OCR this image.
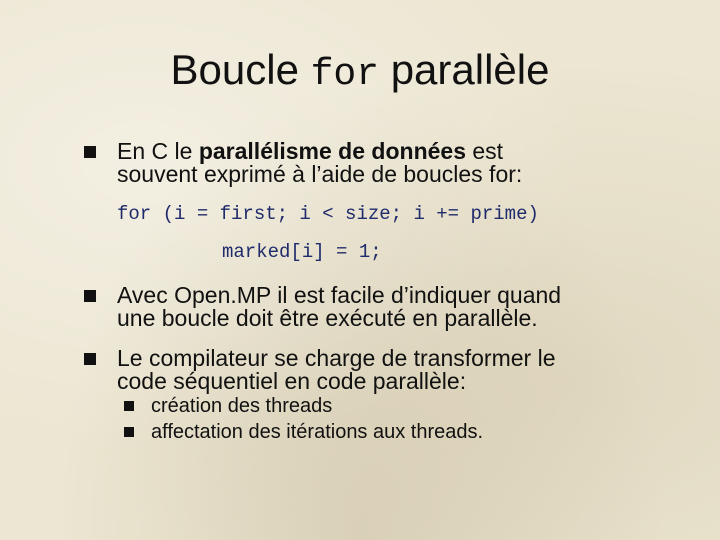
Boucle for parallèle
En C le parallélisme de données est
souvent exprimé à l’aide de boucles for:
for (i = first; i < size; i += prime)
marked[i] = 1;
Avec Open.MP il est facile d’indiquer quand
une boucle doit être exécuté en parallèle.
Le compilateur se charge de transformer le
code séquentiel en code parallèle:
création des threads
affectation des itérations aux threads.
